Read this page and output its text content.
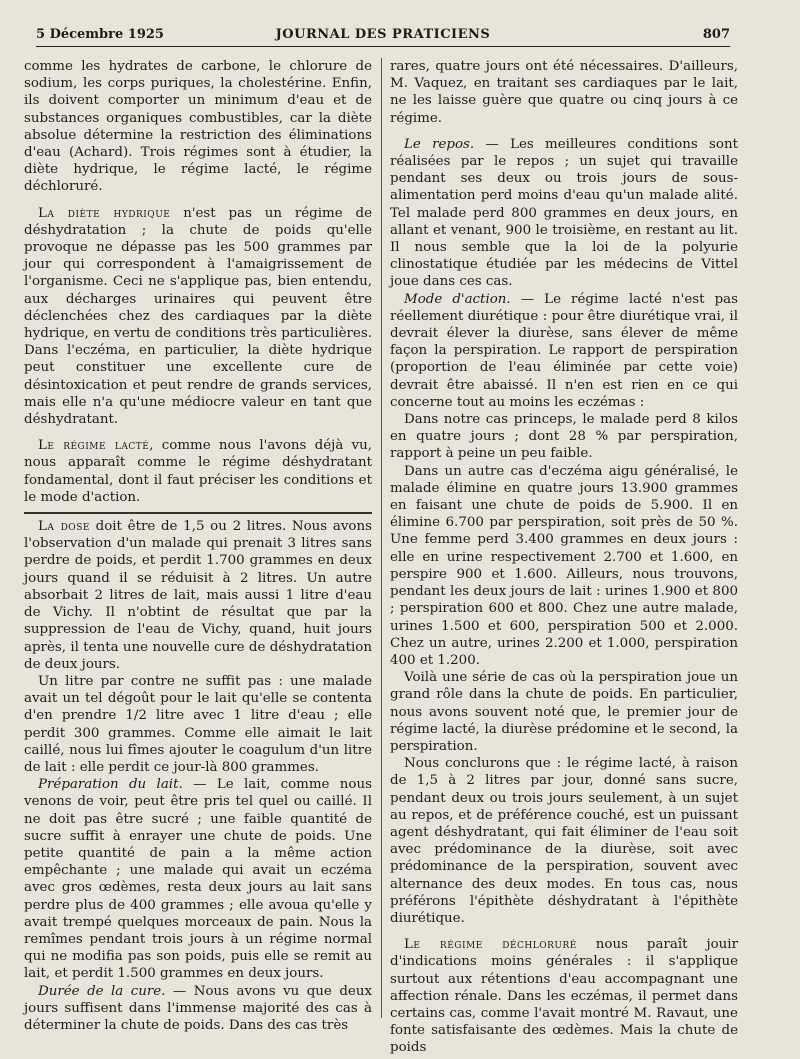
5 Décembre 1925	JOURNAL DES PRATICIENS	807

comme les hydrates de carbone, le chlorure de sodium, les corps puriques, la cholestérine. Enfin, ils doivent comporter un minimum d'eau et de substances organiques combustibles, car la diète absolue détermine la restriction des éliminations d'eau (Achard). Trois régimes sont à étudier, la diète hydrique, le régime lacté, le régime déchloruré.

La diète hydrique n'est pas un régime de déshydratation ; la chute de poids qu'elle provoque ne dépasse pas les 500 grammes par jour qui correspondent à l'amaigrissement de l'organisme. Ceci ne s'applique pas, bien entendu, aux décharges urinaires qui peuvent être déclenchées chez des cardiaques par la diète hydrique, en vertu de conditions très particulières. Dans l'eczéma, en particulier, la diète hydrique peut constituer une excellente cure de désintoxication et peut rendre de grands services, mais elle n'a qu'une médiocre valeur en tant que déshydratant.

Le régime lacté, comme nous l'avons déjà vu, nous apparaît comme le régime déshydratant fondamental, dont il faut préciser les conditions et le mode d'action.

La dose doit être de 1,5 ou 2 litres. Nous avons l'observation d'un malade qui prenait 3 litres sans perdre de poids, et perdit 1.700 grammes en deux jours quand il se réduisit à 2 litres. Un autre absorbait 2 litres de lait, mais aussi 1 litre d'eau de Vichy. Il n'obtint de résultat que par la suppression de l'eau de Vichy, quand, huit jours après, il tenta une nouvelle cure de déshydratation de deux jours.

Un litre par contre ne suffit pas : une malade avait un tel dégoût pour le lait qu'elle se contenta d'en prendre 1/2 litre avec 1 litre d'eau ; elle perdit 300 grammes. Comme elle aimait le lait caillé, nous lui fîmes ajouter le coagulum d'un litre de lait : elle perdit ce jour-là 800 grammes.

Préparation du lait. — Le lait, comme nous venons de voir, peut être pris tel quel ou caillé. Il ne doit pas être sucré ; une faible quantité de sucre suffit à enrayer une chute de poids. Une petite quantité de pain a la même action empêchante ; une malade qui avait un eczéma avec gros œdèmes, resta deux jours au lait sans perdre plus de 400 grammes ; elle avoua qu'elle y avait trempé quelques morceaux de pain. Nous la remîmes pendant trois jours à un régime normal qui ne modifia pas son poids, puis elle se remit au lait, et perdit 1.500 grammes en deux jours.

Durée de la cure. — Nous avons vu que deux jours suffisent dans l'immense majorité des cas à déterminer la chute de poids. Dans des cas très

rares, quatre jours ont été nécessaires. D'ailleurs, M. Vaquez, en traitant ses cardiaques par le lait, ne les laisse guère que quatre ou cinq jours à ce régime.

Le repos. — Les meilleures conditions sont réalisées par le repos ; un sujet qui travaille pendant ses deux ou trois jours de sous-alimentation perd moins d'eau qu'un malade alité. Tel malade perd 800 grammes en deux jours, en allant et venant, 900 le troisième, en restant au lit. Il nous semble que la loi de la polyurie clinostatique étudiée par les médecins de Vittel joue dans ces cas.

Mode d'action. — Le régime lacté n'est pas réellement diurétique : pour être diurétique vrai, il devrait élever la diurèse, sans élever de même façon la perspiration. Le rapport de perspiration (proportion de l'eau éliminée par cette voie) devrait être abaissé. Il n'en est rien en ce qui concerne tout au moins les eczémas :

Dans notre cas princeps, le malade perd 8 kilos en quatre jours ; dont 28 % par perspiration, rapport à peine un peu faible.

Dans un autre cas d'eczéma aigu généralisé, le malade élimine en quatre jours 13.900 grammes en faisant une chute de poids de 5.900. Il en élimine 6.700 par perspiration, soit près de 50 %. Une femme perd 3.400 grammes en deux jours : elle en urine respectivement 2.700 et 1.600, en perspire 900 et 1.600. Ailleurs, nous trouvons, pendant les deux jours de lait : urines 1.900 et 800 ; perspiration 600 et 800. Chez une autre malade, urines 1.500 et 600, perspiration 500 et 2.000. Chez un autre, urines 2.200 et 1.000, perspiration 400 et 1.200.

Voilà une série de cas où la perspiration joue un grand rôle dans la chute de poids. En particulier, nous avons souvent noté que, le premier jour de régime lacté, la diurèse prédomine et le second, la perspiration.

Nous conclurons que : le régime lacté, à raison de 1,5 à 2 litres par jour, donné sans sucre, pendant deux ou trois jours seulement, à un sujet au repos, et de préférence couché, est un puissant agent déshydratant, qui fait éliminer de l'eau soit avec prédominance de la diurèse, soit avec prédominance de la perspiration, souvent avec alternance des deux modes. En tous cas, nous préférons l'épithète déshydratant à l'épithète diurétique.

Le régime déchloruré nous paraît jouir d'indications moins générales : il s'applique surtout aux rétentions d'eau accompagnant une affection rénale. Dans les eczémas, il permet dans certains cas, comme l'avait montré M. Ravaut, une fonte satisfaisante des œdèmes. Mais la chute de poids
